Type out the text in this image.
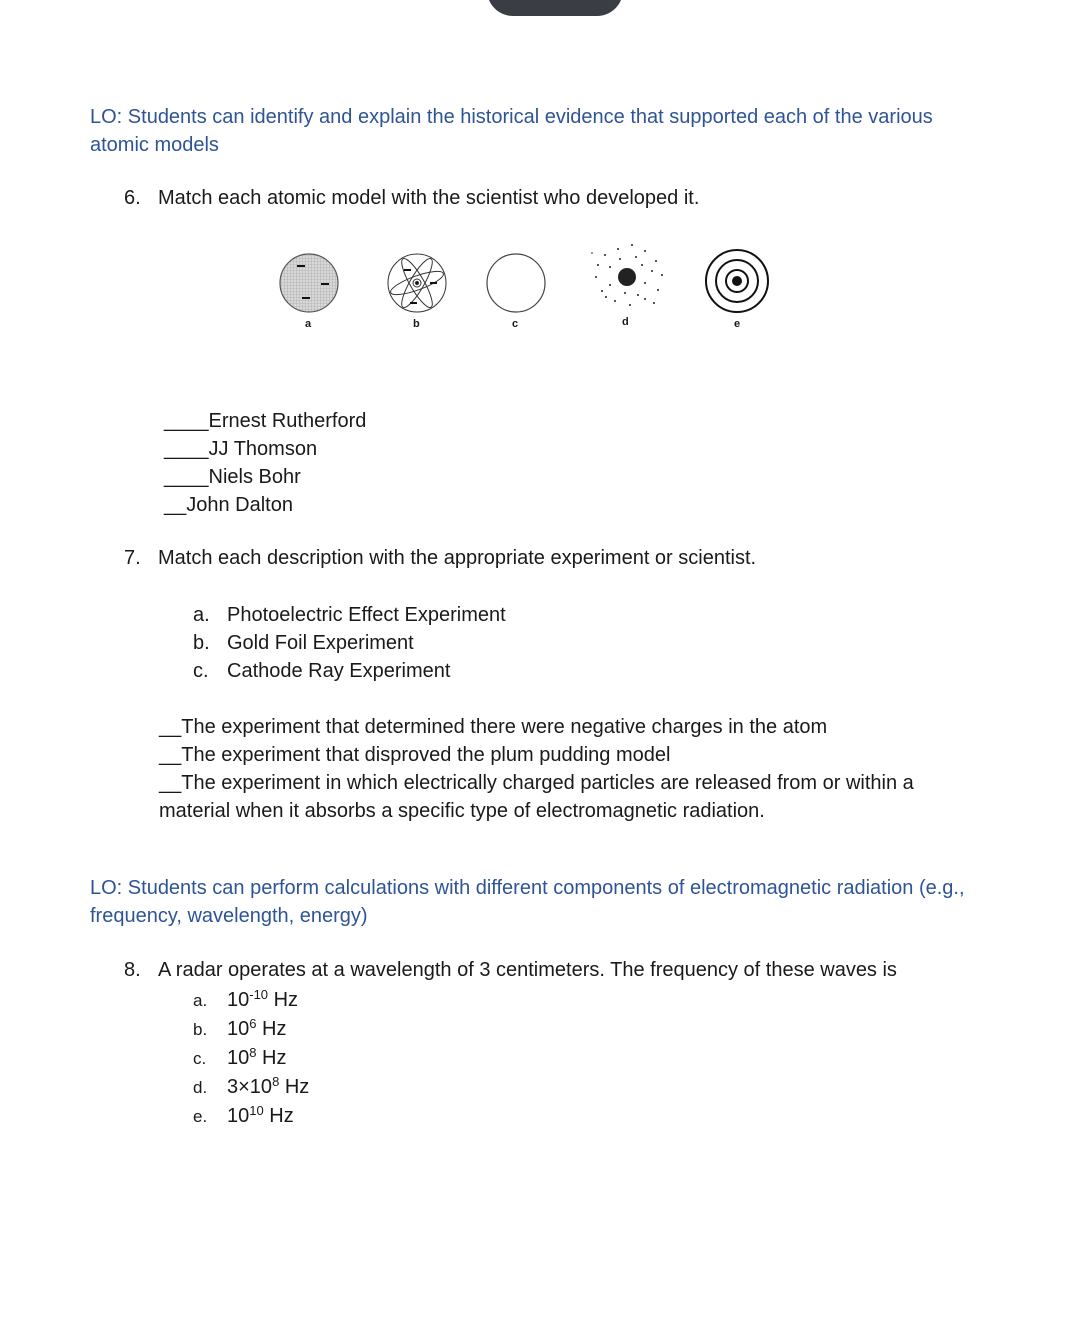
LO: Students can identify and explain the historical evidence that supported each of the various atomic models
6. Match each atomic model with the scientist who developed it.
a	b	c	d	e
____Ernest Rutherford
____JJ Thomson
____Niels Bohr
__John Dalton
7. Match each description with the appropriate experiment or scientist.
a. Photoelectric Effect Experiment
b. Gold Foil Experiment
c. Cathode Ray Experiment
__The experiment that determined there were negative charges in the atom
__The experiment that disproved the plum pudding model
__The experiment in which electrically charged particles are released from or within a
material when it absorbs a specific type of electromagnetic radiation.
LO: Students can perform calculations with different components of electromagnetic radiation (e.g., frequency, wavelength, energy)
8. A radar operates at a wavelength of 3 centimeters. The frequency of these waves is
a. $10^{-10}$ Hz
b. $10^6$ Hz
c. $10^8$ Hz
d. $3\times 10^8$ Hz
e. $10^{10}$ Hz
